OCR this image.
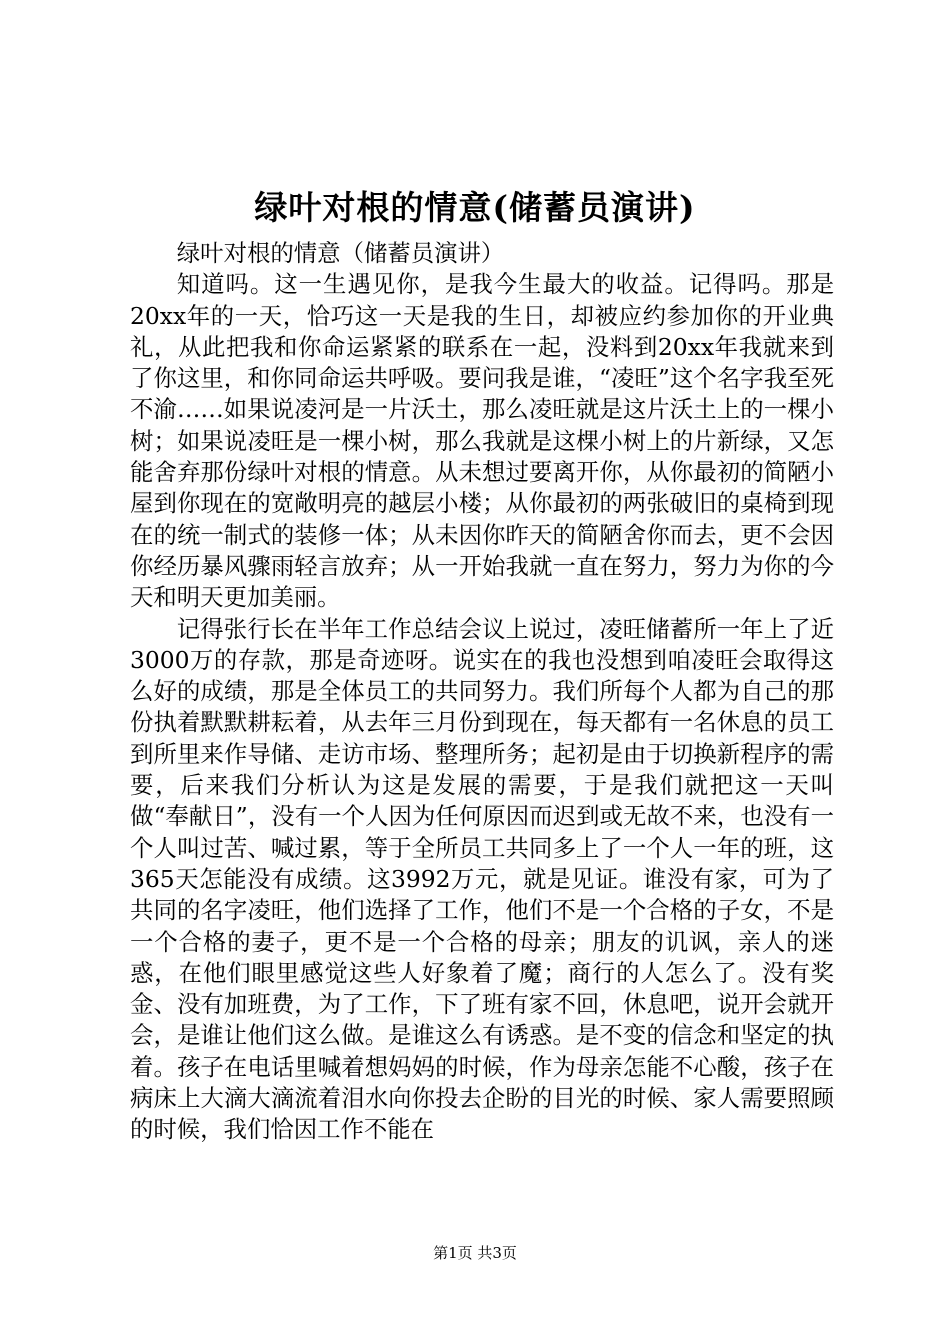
绿叶对根的情意(储蓄员演讲)

绿叶对根的情意（储蓄员演讲）

知道吗。这一生遇见你，是我今生最大的收益。记得吗。那是20xx年的一天，恰巧这一天是我的生日，却被应约参加你的开业典礼，从此把我和你命运紧紧的联系在一起，没料到20xx年我就来到了你这里，和你同命运共呼吸。要问我是谁，“凌旺”这个名字我至死不渝……如果说凌河是一片沃土，那么凌旺就是这片沃土上的一棵小树；如果说凌旺是一棵小树，那么我就是这棵小树上的片新绿，又怎能舍弃那份绿叶对根的情意。从未想过要离开你，从你最初的简陋小屋到你现在的宽敞明亮的越层小楼；从你最初的两张破旧的桌椅到现在的统一制式的装修一体；从未因你昨天的简陋舍你而去，更不会因你经历暴风骤雨轻言放弃；从一开始我就一直在努力，努力为你的今天和明天更加美丽。

记得张行长在半年工作总结会议上说过，凌旺储蓄所一年上了近3000万的存款，那是奇迹呀。说实在的我也没想到咱凌旺会取得这么好的成绩，那是全体员工的共同努力。我们所每个人都为自己的那份执着默默耕耘着，从去年三月份到现在，每天都有一名休息的员工到所里来作导储、走访市场、整理所务；起初是由于切换新程序的需要，后来我们分析认为这是发展的需要，于是我们就把这一天叫做“奉献日”，没有一个人因为任何原因而迟到或无故不来，也没有一个人叫过苦、喊过累，等于全所员工共同多上了一个人一年的班，这365天怎能没有成绩。这3992万元，就是见证。谁没有家，可为了共同的名字凌旺，他们选择了工作，他们不是一个合格的子女，不是一个合格的妻子，更不是一个合格的母亲；朋友的讥讽，亲人的迷惑，在他们眼里感觉这些人好象着了魔；商行的人怎么了。没有奖金、没有加班费，为了工作，下了班有家不回，休息吧，说开会就开会，是谁让他们这么做。是谁这么有诱惑。是不变的信念和坚定的执着。孩子在电话里喊着想妈妈的时候，作为母亲怎能不心酸，孩子在病床上大滴大滴流着泪水向你投去企盼的目光的时候、家人需要照顾的时候，我们恰因工作不能在

第1页 共3页
